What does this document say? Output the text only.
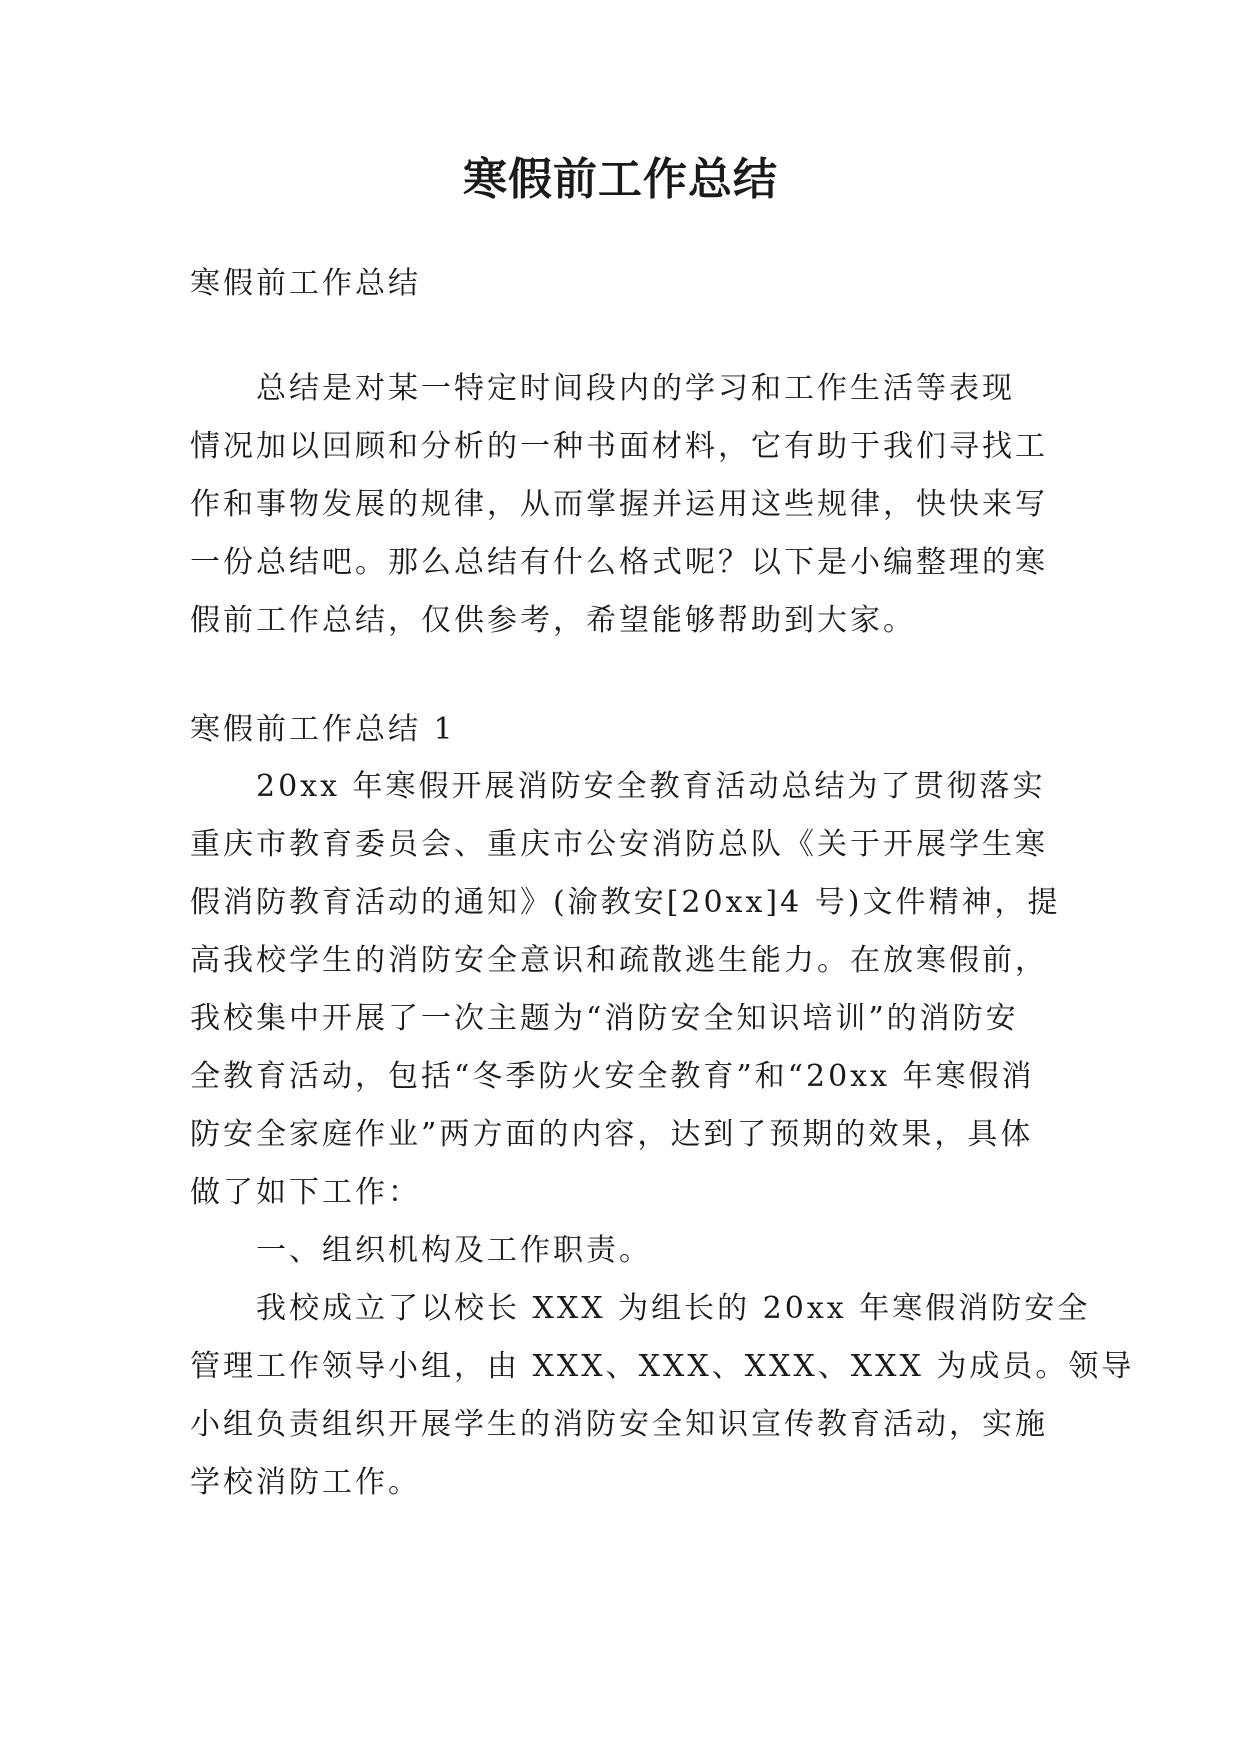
寒假前工作总结

寒假前工作总结

总结是对某一特定时间段内的学习和工作生活等表现
情况加以回顾和分析的一种书面材料，它有助于我们寻找工
作和事物发展的规律，从而掌握并运用这些规律，快快来写
一份总结吧。那么总结有什么格式呢？以下是小编整理的寒
假前工作总结，仅供参考，希望能够帮助到大家。

寒假前工作总结 1

20xx 年寒假开展消防安全教育活动总结为了贯彻落实
重庆市教育委员会、重庆市公安消防总队《关于开展学生寒
假消防教育活动的通知》(渝教安[20xx]4 号)文件精神，提
高我校学生的消防安全意识和疏散逃生能力。在放寒假前，
我校集中开展了一次主题为“消防安全知识培训”的消防安
全教育活动，包括“冬季防火安全教育”和“20xx 年寒假消
防安全家庭作业”两方面的内容，达到了预期的效果，具体
做了如下工作：
一、组织机构及工作职责。
我校成立了以校长 XXX 为组长的 20xx 年寒假消防安全
管理工作领导小组，由 XXX、XXX、XXX、XXX 为成员。领导
小组负责组织开展学生的消防安全知识宣传教育活动，实施
学校消防工作。
